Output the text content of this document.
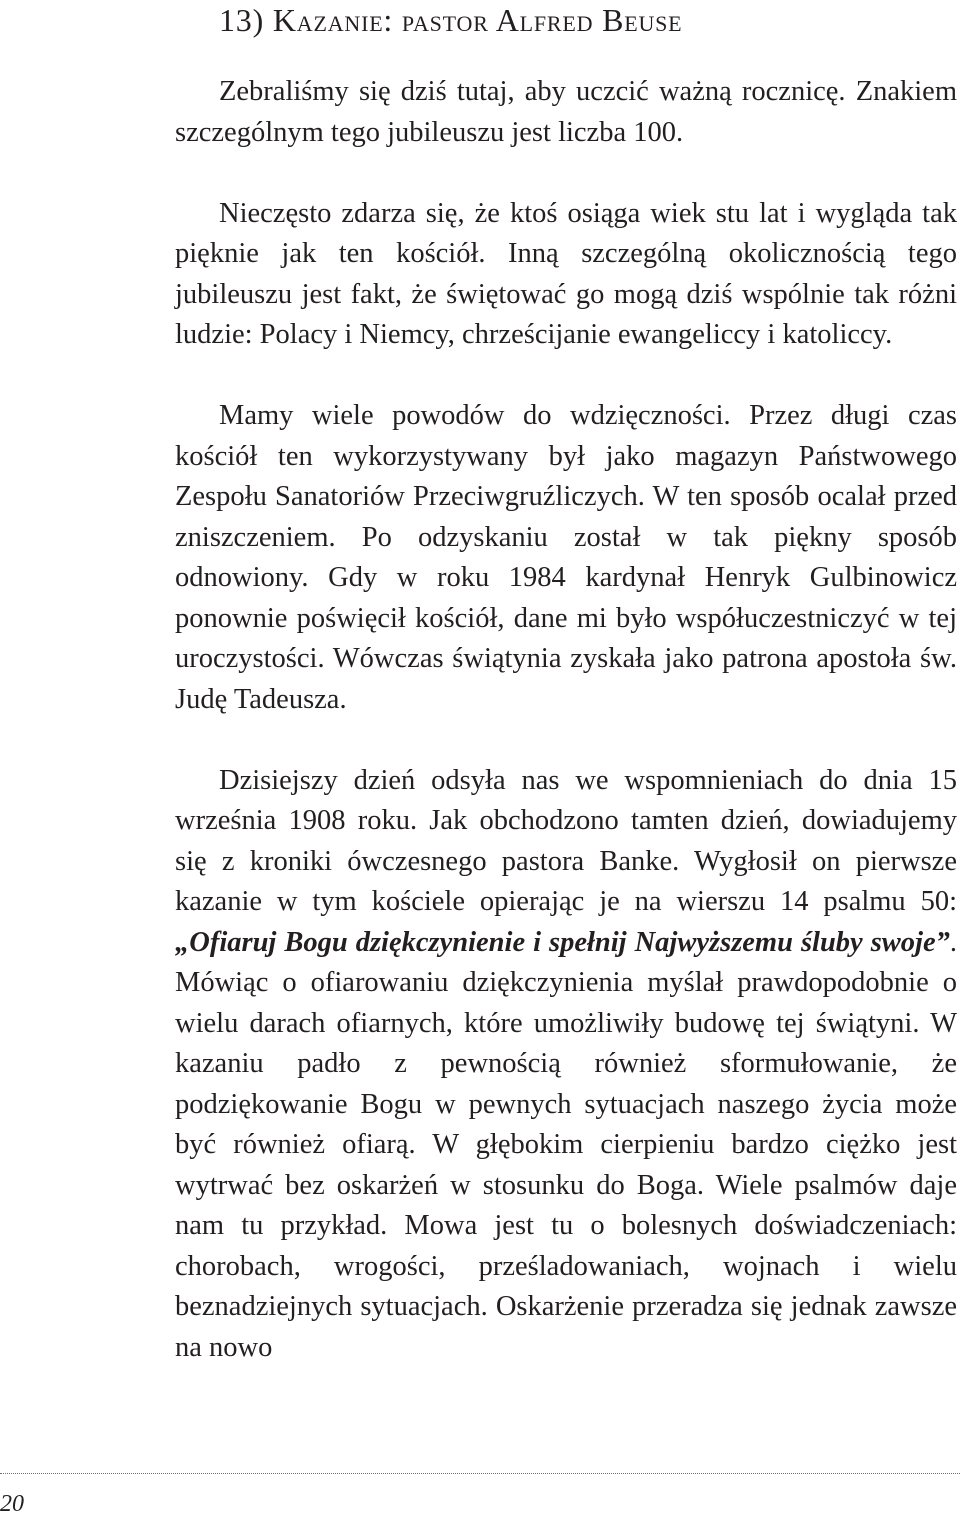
13) Kazanie: pastor Alfred Beuse

Zebraliśmy się dziś tutaj, aby uczcić ważną rocznicę. Znakiem szczególnym tego jubileuszu jest liczba 100.

Nieczęsto zdarza się, że ktoś osiąga wiek stu lat i wygląda tak pięknie jak ten kościół. Inną szczególną okolicznością tego jubileuszu jest fakt, że świętować go mogą dziś wspólnie tak różni ludzie: Polacy i Niemcy, chrześcijanie ewangeliccy i katoliccy.

Mamy wiele powodów do wdzięczności. Przez długi czas kościół ten wykorzystywany był jako magazyn Państwowego Zespołu Sanatoriów Przeciwgruźliczych. W ten sposób ocalał przed zniszczeniem. Po odzyskaniu został w tak piękny sposób odnowiony. Gdy w roku 1984 kardynał Henryk Gulbinowicz ponownie poświęcił kościół, dane mi było współuczestniczyć w tej uroczystości. Wówczas świątynia zyskała jako patrona apostoła św. Judę Tadeusza.

Dzisiejszy dzień odsyła nas we wspomnieniach do dnia 15 września 1908 roku. Jak obchodzono tamten dzień, dowiadujemy się z kroniki ówczesnego pastora Banke. Wygłosił on pierwsze kazanie w tym kościele opierając je na wierszu 14 psalmu 50: „Ofiaruj Bogu dziękczynienie i spełnij Najwyższemu śluby swoje”. Mówiąc o ofiarowaniu dziękczynienia myślał prawdopodobnie o wielu darach ofiarnych, które umożliwiły budowę tej świątyni. W kazaniu padło z pewnością również sformułowanie, że podziękowanie Bogu w pewnych sytuacjach naszego życia może być również ofiarą. W głębokim cierpieniu bardzo ciężko jest wytrwać bez oskarżeń w stosunku do Boga. Wiele psalmów daje nam tu przykład. Mowa jest tu o bolesnych doświadczeniach: chorobach, wrogości, prześladowaniach, wojnach i wielu beznadziejnych sytuacjach. Oskarżenie przeradza się jednak zawsze na nowo

20
